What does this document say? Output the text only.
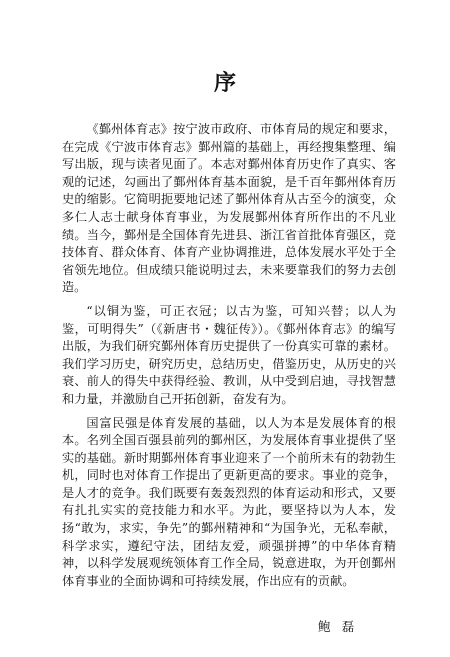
序

《鄞州体育志》按宁波市政府、市体育局的规定和要求，在完成《宁波市体育志》鄞州篇的基础上，再经搜集整理、编写出版，现与读者见面了。本志对鄞州体育历史作了真实、客观的记述，勾画出了鄞州体育基本面貌，是千百年鄞州体育历史的缩影。它简明扼要地记述了鄞州体育从古至今的演变，众多仁人志士献身体育事业，为发展鄞州体育所作出的不凡业绩。当今，鄞州是全国体育先进县、浙江省首批体育强区，竞技体育、群众体育、体育产业协调推进，总体发展水平处于全省领先地位。但成绩只能说明过去，未来要靠我们的努力去创造。

“以铜为鉴，可正衣冠；以古为鉴，可知兴替；以人为鉴，可明得失”（《新唐书・魏征传》）。《鄞州体育志》的编写出版，为我们研究鄞州体育历史提供了一份真实可靠的素材。我们学习历史，研究历史，总结历史，借鉴历史，从历史的兴衰、前人的得失中获得经验、教训，从中受到启迪，寻找智慧和力量，并激励自己开拓创新，奋发有为。

国富民强是体育发展的基础，以人为本是发展体育的根本。名列全国百强县前列的鄞州区，为发展体育事业提供了坚实的基础。新时期鄞州体育事业迎来了一个前所未有的勃勃生机，同时也对体育工作提出了更新更高的要求。事业的竞争，是人才的竞争。我们既要有轰轰烈烈的体育运动和形式，又要有扎扎实实的竞技能力和水平。为此，要坚持以为人本，发扬“敢为，求实，争先”的鄞州精神和“为国争光，无私奉献，科学求实，遵纪守法，团结友爱，顽强拼搏”的中华体育精神，以科学发展观统领体育工作全局，锐意进取，为开创鄞州体育事业的全面协调和可持续发展，作出应有的贡献。

鲍磊
